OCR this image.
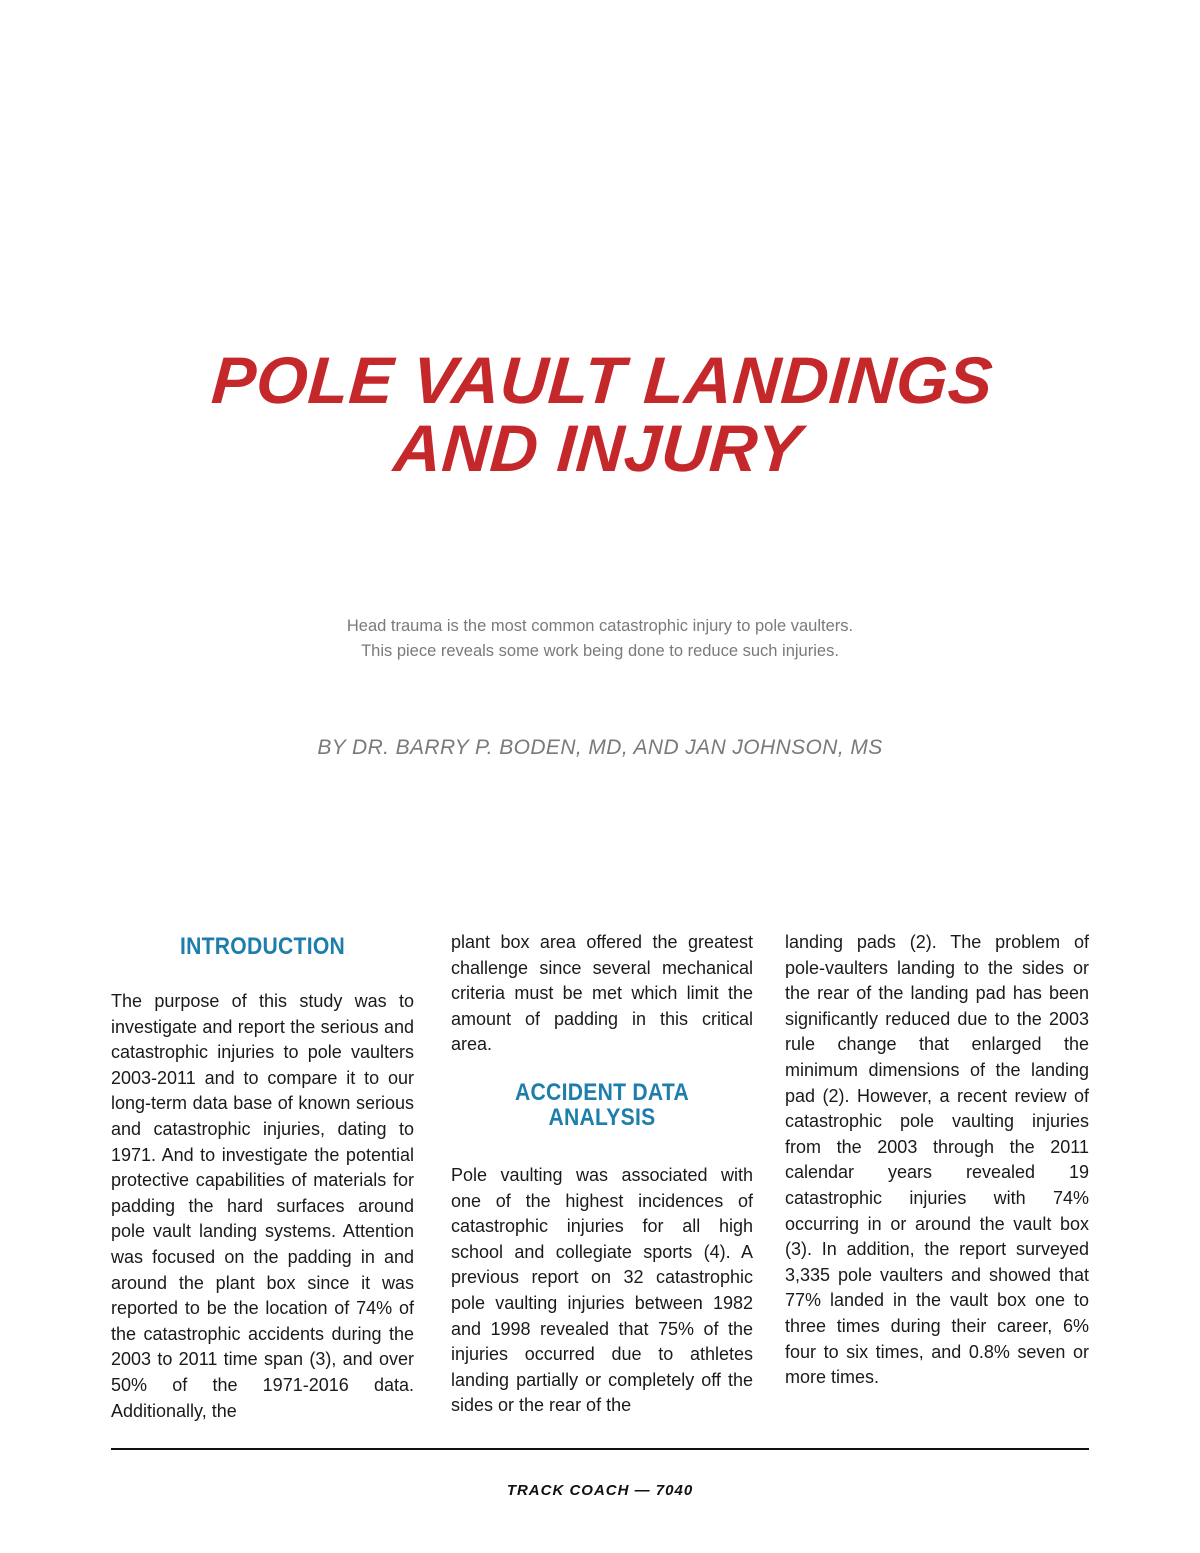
POLE VAULT LANDINGS
AND INJURY
Head trauma is the most common catastrophic injury to pole vaulters.
This piece reveals some work being done to reduce such injuries.
BY DR. BARRY P. BODEN, MD, AND JAN JOHNSON, MS
INTRODUCTION

The purpose of this study was to investigate and report the serious and catastrophic injuries to pole vaulters 2003-2011 and to compare it to our long-term data base of known serious and catastrophic injuries, dating to 1971. And to investigate the potential protective capabilities of materials for padding the hard surfaces around pole vault landing systems. Attention was focused on the padding in and around the plant box since it was reported to be the location of 74% of the catastrophic accidents during the 2003 to 2011 time span (3), and over 50% of the 1971-2016 data. Additionally, the

plant box area offered the greatest challenge since several mechanical criteria must be met which limit the amount of padding in this critical area.

ACCIDENT DATA
ANALYSIS

Pole vaulting was associated with one of the highest incidences of catastrophic injuries for all high school and collegiate sports (4). A previous report on 32 catastrophic pole vaulting injuries between 1982 and 1998 revealed that 75% of the injuries occurred due to athletes landing partially or completely off the sides or the rear of the

landing pads (2). The problem of pole-vaulters landing to the sides or the rear of the landing pad has been significantly reduced due to the 2003 rule change that enlarged the minimum dimensions of the landing pad (2). However, a recent review of catastrophic pole vaulting injuries from the 2003 through the 2011 calendar years revealed 19 catastrophic injuries with 74% occurring in or around the vault box (3). In addition, the report surveyed 3,335 pole vaulters and showed that 77% landed in the vault box one to three times during their career, 6% four to six times, and 0.8% seven or more times.

TRACK COACH — 7040
